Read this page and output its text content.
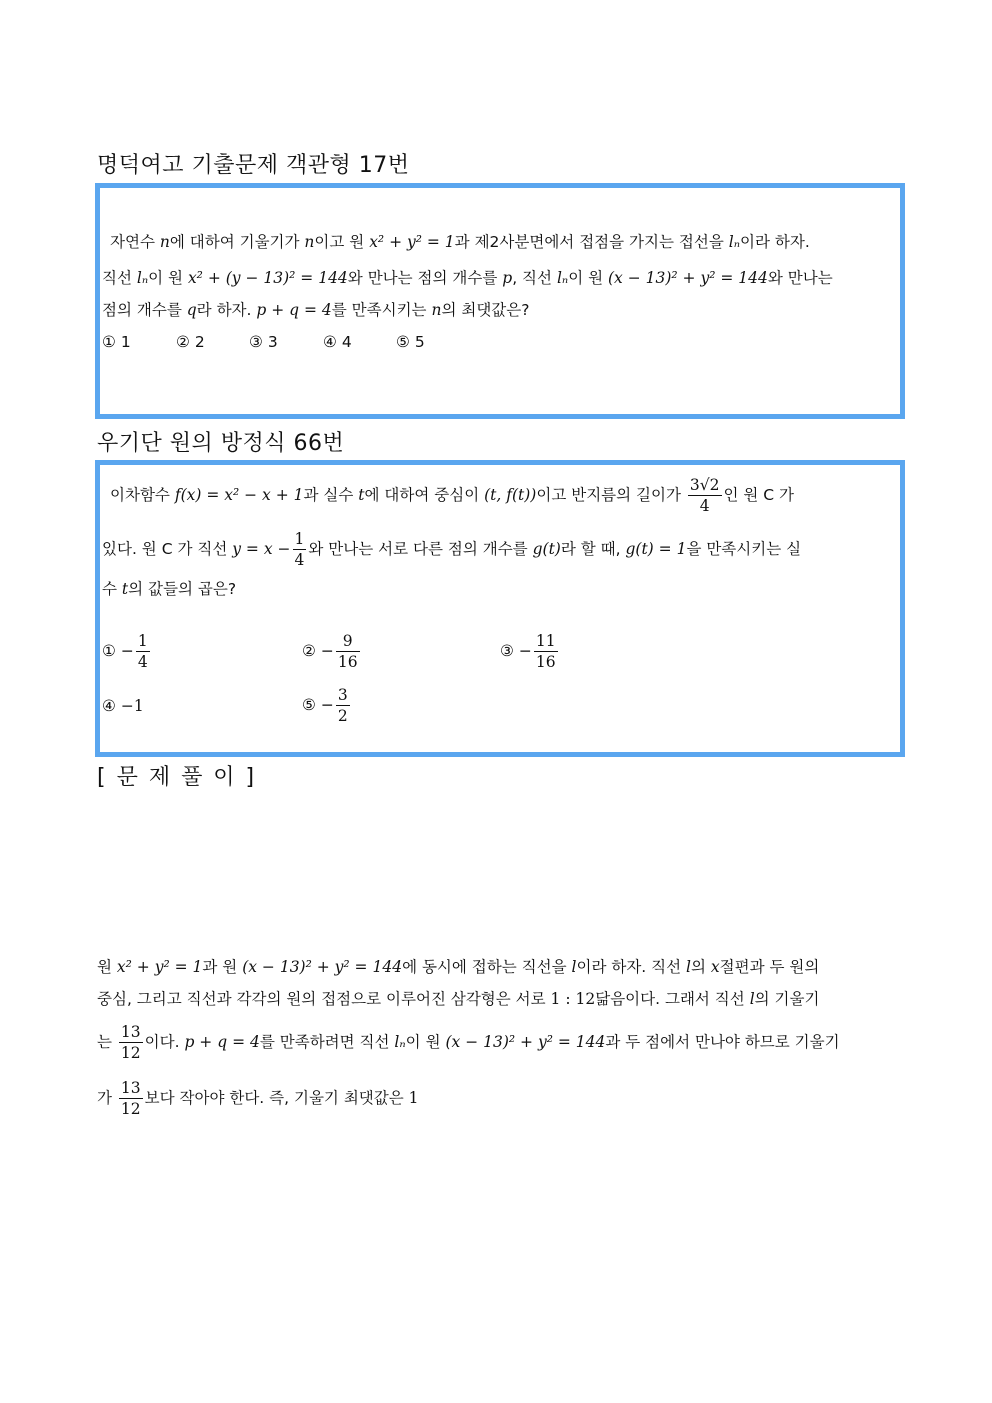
명덕여고 기출문제 객관형 17번
자연수 n에 대하여 기울기가 n이고 원 x² + y² = 1과 제2사분면에서 접점을 가지는 접선을 lₙ이라 하자.
직선 lₙ이 원 x² + (y − 13)² = 144와 만나는 점의 개수를 p, 직선 lₙ이 원 (x − 13)² + y² = 144와 만나는
점의 개수를 q라 하자. p + q = 4를 만족시키는 n의 최댓값은?
① 1	② 2	③ 3	④ 4	⑤ 5
우기단 원의 방정식 66번
이차함수 f(x) = x² − x + 1과 실수 t에 대하여 중심이 (t, f(t))이고 반지름의 길이가 $\frac{3√2}{4}$ 인 원 C 가
있다. 원 C 가 직선 $y = x - \frac{1}{4}$ 와 만나는 서로 다른 점의 개수를 g(t)라 할 때, g(t) = 1을 만족시키는 실
수 t의 값들의 곱은?
① − $\frac{1}{4}$	② − $\frac{9}{16}$	③ − $\frac{11}{16}$
④ −1	⑤ − $\frac{3}{2}$
[ 문 제 풀 이 ]
원 x² + y² = 1과 원 (x − 13)² + y² = 144에 동시에 접하는 직선을 l이라 하자. 직선 l의 x절편과 두 원의
중심, 그리고 직선과 각각의 원의 접점으로 이루어진 삼각형은 서로 1 : 12닮음이다. 그래서 직선 l의 기울기
는 $\frac{13}{12}$ 이다. p + q = 4를 만족하려면 직선 lₙ이 원 (x − 13)² + y² = 144과 두 점에서 만나야 하므로 기울기
가 $\frac{13}{12}$ 보다 작아야 한다. 즉, 기울기 최댓값은 1
